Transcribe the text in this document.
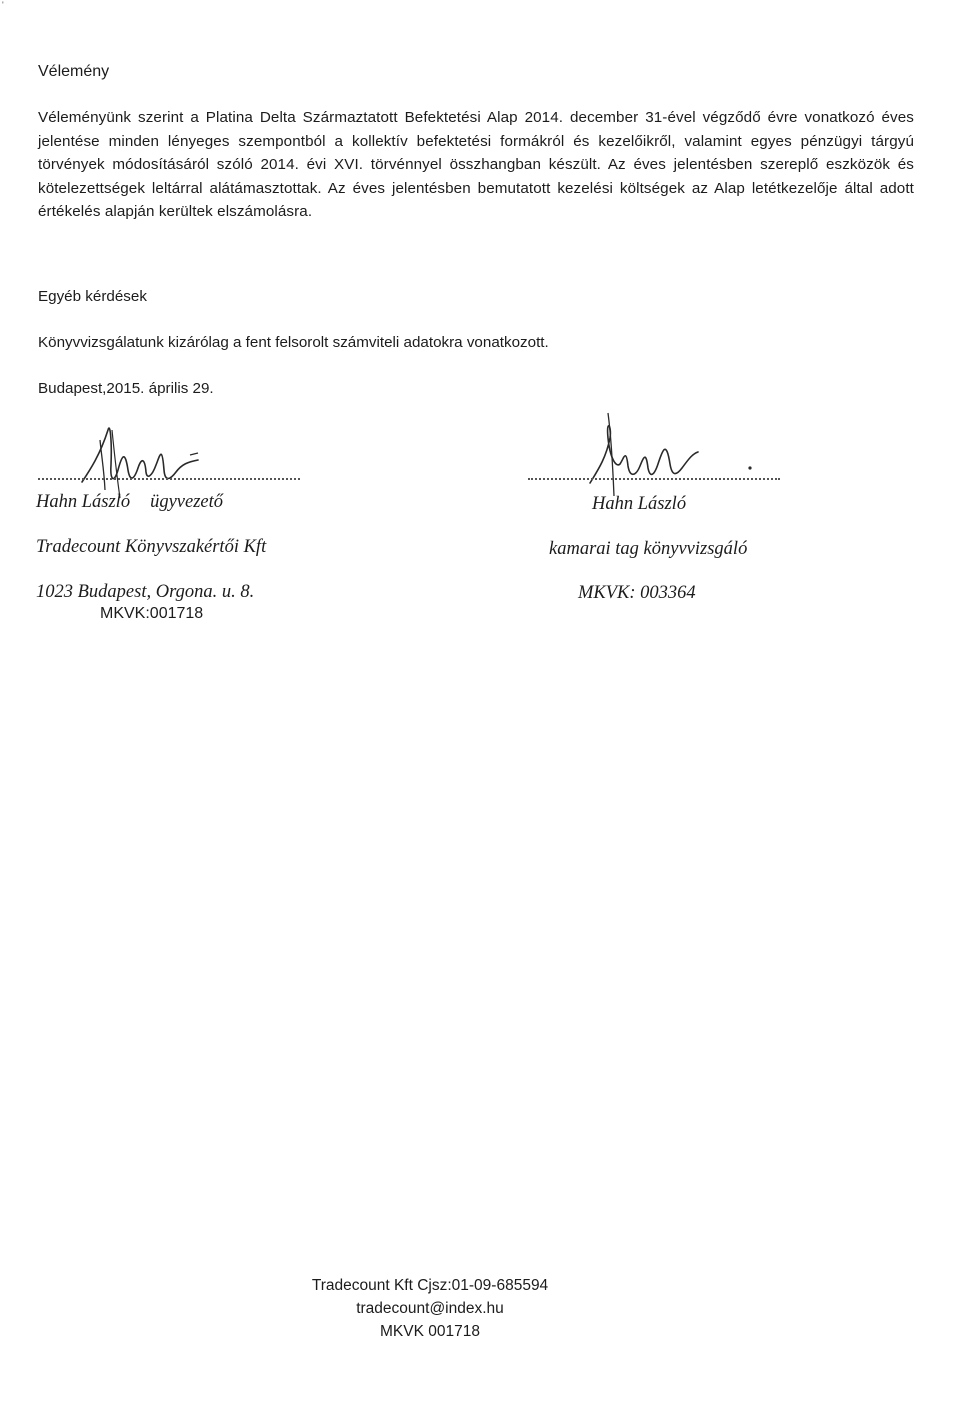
'
Vélemény
Véleményünk szerint a Platina Delta Származtatott Befektetési Alap 2014. december 31-ével végződő évre vonatkozó éves jelentése minden lényeges szempontból a kollektív befektetési formákról és kezelőikről, valamint egyes pénzügyi tárgyú törvények módosításáról szóló 2014. évi XVI. törvénnyel összhangban készült. Az éves jelentésben szereplő eszközök és kötelezettségek leltárral alátámasztottak. Az éves jelentésben bemutatott kezelési költségek az Alap letétkezelője által adott értékelés alapján kerültek elszámolásra.
Egyéb kérdések
Könyvvizsgálatunk kizárólag a fent felsorolt számviteli adatokra vonatkozott.
Budapest,2015. április 29.
Hahn László ügyvezető
Tradecount Könyvszakértői Kft
1023 Budapest, Orgona. u. 8.
MKVK:001718
Hahn László
kamarai tag könyvvizsgáló
MKVK: 003364
Tradecount Kft Cjsz:01-09-685594
tradecount@index.hu
MKVK 001718
